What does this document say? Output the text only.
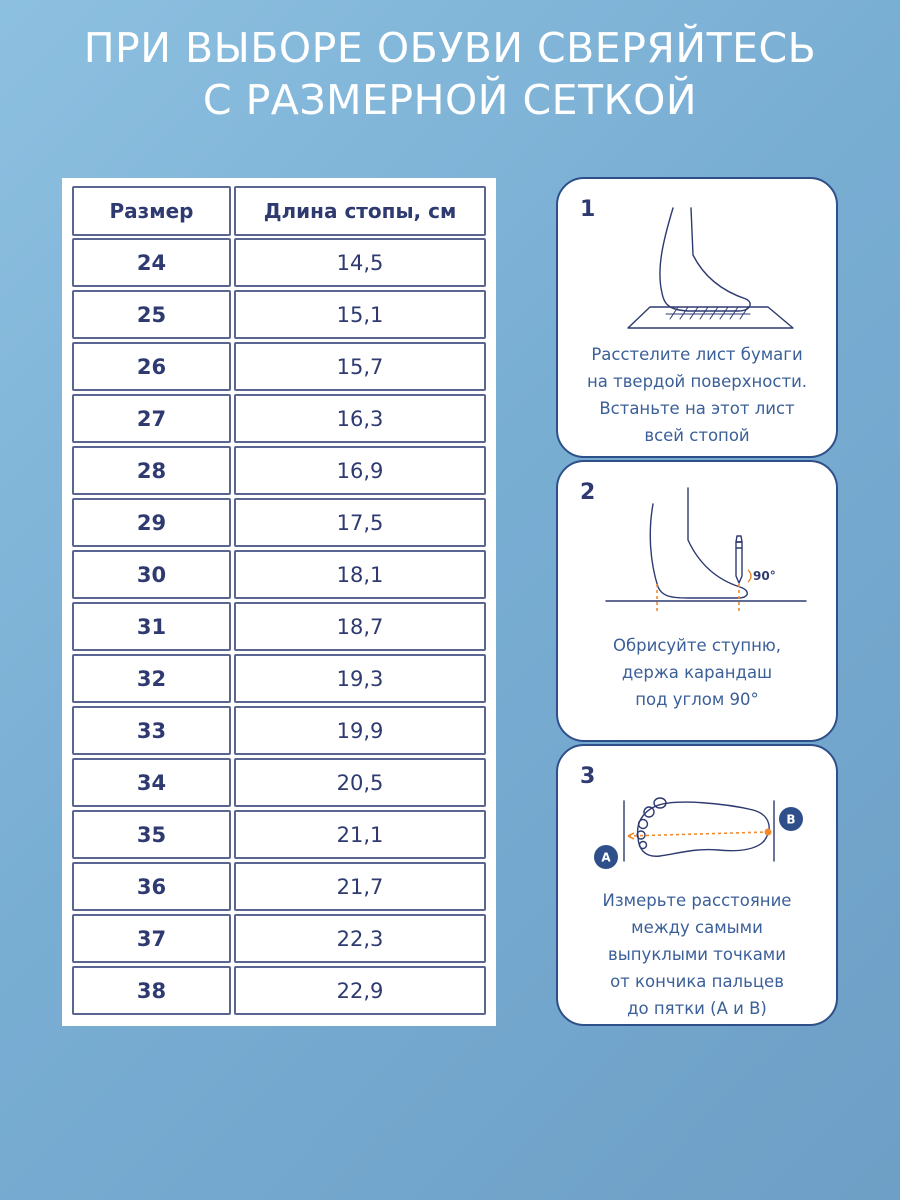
ПРИ ВЫБОРЕ ОБУВИ СВЕРЯЙТЕСЬ
С РАЗМЕРНОЙ СЕТКОЙ
Размер	Длина стопы, см
24	14,5
25	15,1
26	15,7
27	16,3
28	16,9
29	17,5
30	18,1
31	18,7
32	19,3
33	19,9
34	20,5
35	21,1
36	21,7
37	22,3
38	22,9
1
Расстелите лист бумаги
на твердой поверхности.
Встаньте на этот лист
всей стопой
2
90°
Обрисуйте ступню,
держа карандаш
под углом 90°
3
A
B
Измерьте расстояние
между самыми
выпуклыми точками
от кончика пальцев
до пятки (А и В)
